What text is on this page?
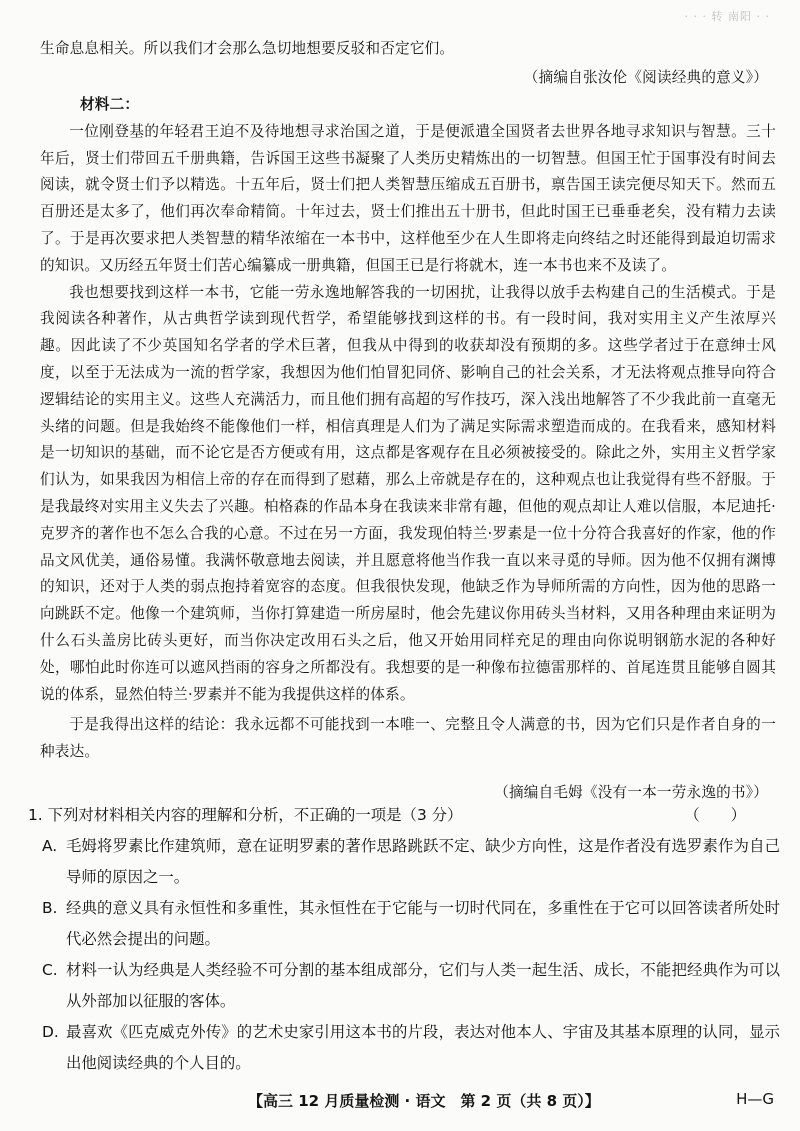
· · · 转 南阳 · ·

生命息息相关。所以我们才会那么急切地想要反驳和否定它们。

（摘编自张汝伦《阅读经典的意义》）

材料二：

一位刚登基的年轻君王迫不及待地想寻求治国之道，于是便派遣全国贤者去世界各地寻求知识与智慧。三十年后，贤士们带回五千册典籍，告诉国王这些书凝聚了人类历史精炼出的一切智慧。但国王忙于国事没有时间去阅读，就令贤士们予以精选。十五年后，贤士们把人类智慧压缩成五百册书，禀告国王读完便尽知天下。然而五百册还是太多了，他们再次奉命精简。十年过去，贤士们推出五十册书，但此时国王已垂垂老矣，没有精力去读了。于是再次要求把人类智慧的精华浓缩在一本书中，这样他至少在人生即将走向终结之时还能得到最迫切需求的知识。又历经五年贤士们苦心编纂成一册典籍，但国王已是行将就木，连一本书也来不及读了。

我也想要找到这样一本书，它能一劳永逸地解答我的一切困扰，让我得以放手去构建自己的生活模式。于是我阅读各种著作，从古典哲学读到现代哲学，希望能够找到这样的书。有一段时间，我对实用主义产生浓厚兴趣。因此读了不少英国知名学者的学术巨著，但我从中得到的收获却没有预期的多。这些学者过于在意绅士风度，以至于无法成为一流的哲学家，我想因为他们怕冒犯同侪、影响自己的社会关系，才无法将观点推导向符合逻辑结论的实用主义。这些人充满活力，而且他们拥有高超的写作技巧，深入浅出地解答了不少我此前一直毫无头绪的问题。但是我始终不能像他们一样，相信真理是人们为了满足实际需求塑造而成的。在我看来，感知材料是一切知识的基础，而不论它是否方便或有用，这点都是客观存在且必须被接受的。除此之外，实用主义哲学家们认为，如果我因为相信上帝的存在而得到了慰藉，那么上帝就是存在的，这种观点也让我觉得有些不舒服。于是我最终对实用主义失去了兴趣。柏格森的作品本身在我读来非常有趣，但他的观点却让人难以信服，本尼迪托·克罗齐的著作也不怎么合我的心意。不过在另一方面，我发现伯特兰·罗素是一位十分符合我喜好的作家，他的作品文风优美，通俗易懂。我满怀敬意地去阅读，并且愿意将他当作我一直以来寻觅的导师。因为他不仅拥有渊博的知识，还对于人类的弱点抱持着宽容的态度。但我很快发现，他缺乏作为导师所需的方向性，因为他的思路一向跳跃不定。他像一个建筑师，当你打算建造一所房屋时，他会先建议你用砖头当材料，又用各种理由来证明为什么石头盖房比砖头更好，而当你决定改用石头之后，他又开始用同样充足的理由向你说明钢筋水泥的各种好处，哪怕此时你连可以遮风挡雨的容身之所都没有。我想要的是一种像布拉德雷那样的、首尾连贯且能够自圆其说的体系，显然伯特兰·罗素并不能为我提供这样的体系。

于是我得出这样的结论：我永远都不可能找到一本唯一、完整且令人满意的书，因为它们只是作者自身的一种表达。

（摘编自毛姆《没有一本一劳永逸的书》）

1. 下列对材料相关内容的理解和分析，不正确的一项是（3 分）	（　　）

A. 毛姆将罗素比作建筑师，意在证明罗素的著作思路跳跃不定、缺少方向性，这是作者没有选罗素作为自己导师的原因之一。

B. 经典的意义具有永恒性和多重性，其永恒性在于它能与一切时代同在，多重性在于它可以回答读者所处时代必然会提出的问题。

C. 材料一认为经典是人类经验不可分割的基本组成部分，它们与人类一起生活、成长，不能把经典作为可以从外部加以征服的客体。

D. 最喜欢《匹克威克外传》的艺术史家引用这本书的片段，表达对他本人、宇宙及其基本原理的认同，显示出他阅读经典的个人目的。

【高三 12 月质量检测 · 语文　第 2 页（共 8 页）】	H—G
